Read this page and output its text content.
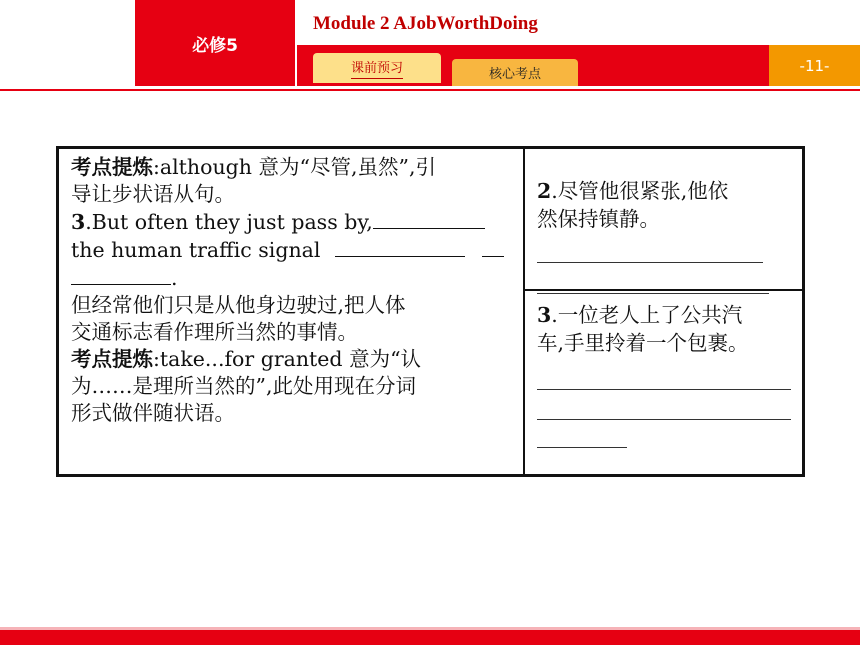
必修5
Module 2 AJobWorthDoing
课前预习	核心考点	-11-
考点提炼:although 意为“尽管,虽然”,引
导让步状语从句。
3.But often they just pass by,
the human traffic signal
.
但经常他们只是从他身边驶过,把人体
交通标志看作理所当然的事情。
考点提炼:take...for granted 意为“认
为……是理所当然的”,此处用现在分词
形式做伴随状语。
2.尽管他很紧张,他依
然保持镇静。
3.一位老人上了公共汽
车,手里拎着一个包裹。
